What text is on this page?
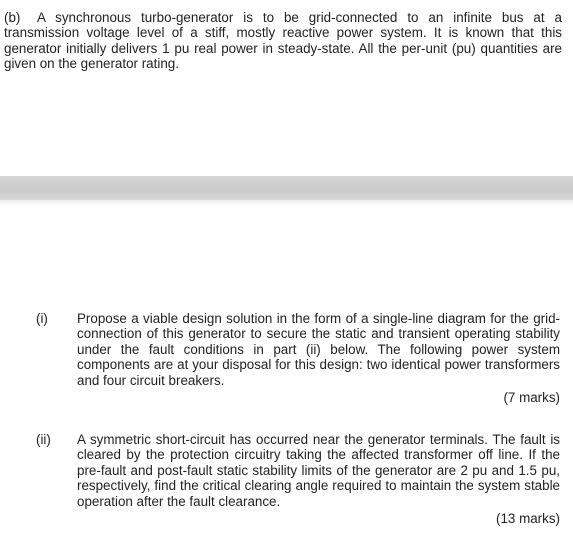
(b) A synchronous turbo-generator is to be grid-connected to an infinite bus at a transmission voltage level of a stiff, mostly reactive power system. It is known that this generator initially delivers 1 pu real power in steady-state. All the per-unit (pu) quantities are given on the generator rating.
(i) Propose a viable design solution in the form of a single-line diagram for the grid-connection of this generator to secure the static and transient operating stability under the fault conditions in part (ii) below. The following power system components are at your disposal for this design: two identical power transformers and four circuit breakers.
(7 marks)
(ii) A symmetric short-circuit has occurred near the generator terminals. The fault is cleared by the protection circuitry taking the affected transformer off line. If the pre-fault and post-fault static stability limits of the generator are 2 pu and 1.5 pu, respectively, find the critical clearing angle required to maintain the system stable operation after the fault clearance.
(13 marks)
